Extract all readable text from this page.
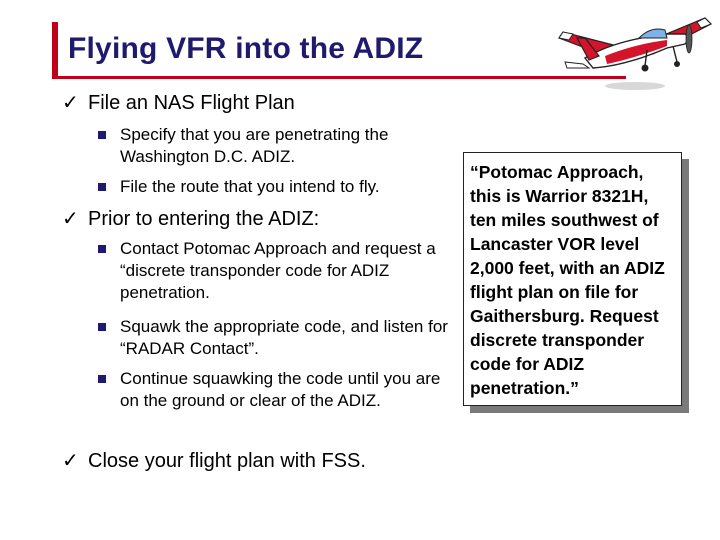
Flying VFR into the ADIZ
✓ File an NAS Flight Plan
Specify that you are penetrating the Washington D.C. ADIZ.
File the route that you intend to fly.
✓ Prior to entering the ADIZ:
Contact Potomac Approach and request a “discrete transponder code for ADIZ penetration.
Squawk the appropriate code, and listen for “RADAR Contact”.
Continue squawking the code until you are on the ground or clear of the ADIZ.
✓ Close your flight plan with FSS.
“Potomac Approach, this is Warrior 8321H, ten miles southwest of Lancaster VOR level 2,000 feet, with an ADIZ flight plan on file for Gaithersburg. Request discrete transponder code for ADIZ penetration.”
